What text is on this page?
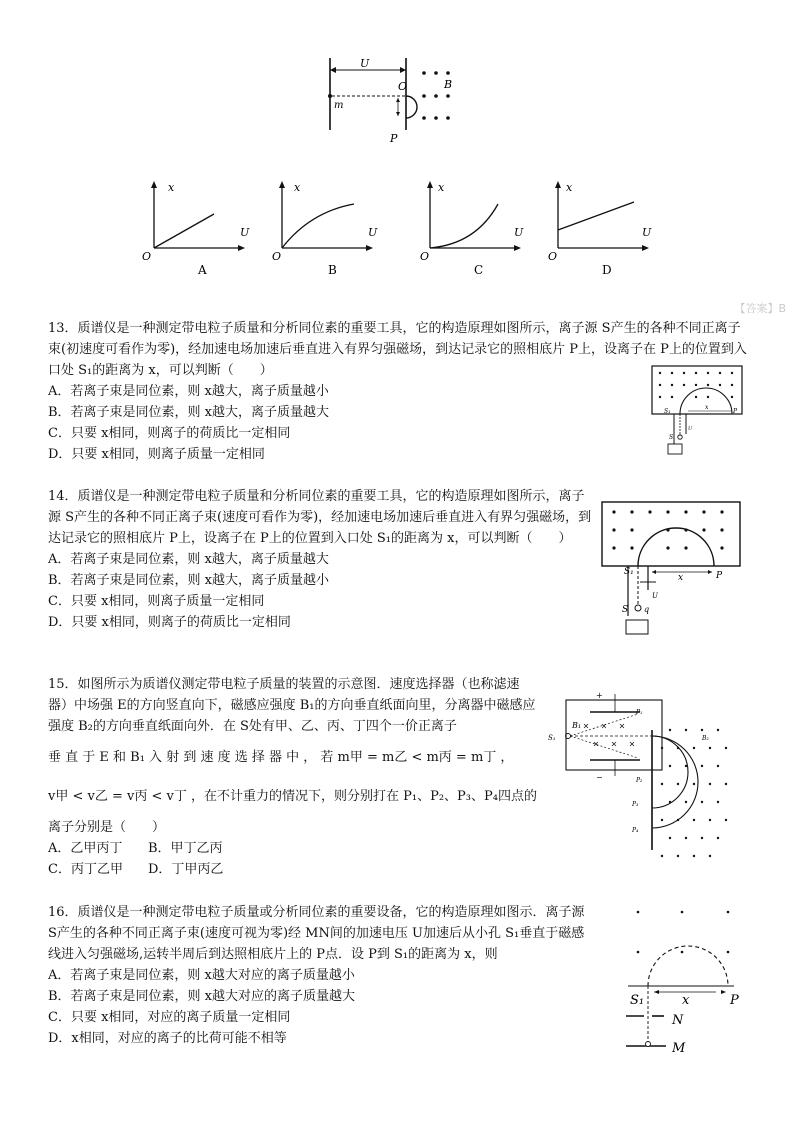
U
m
O
P
B
x
U
O
A
x
U
O
B
x
U
O
C
x
U
O
D
【答案】B

13．质谱仪是一种测定带电粒子质量和分析同位素的重要工具，它的构造原理如图所示，离子源 S产生的各种不同正离子束(初速度可看作为零)，经加速电场加速后垂直进入有界匀强磁场，到达记录它的照相底片 P上，设离子在 P上的位置到入口处 S₁的距离为 x，可以判断（　　）

A．若离子束是同位素，则 x越大，离子质量越小

B．若离子束是同位素，则 x越大，离子质量越大

C．只要 x相同，则离子的荷质比一定相同

D．只要 x相同，则离子质量一定相同

S₁
x
P
U
S

14．质谱仪是一种测定带电粒子质量和分析同位素的重要工具，它的构造原理如图所示，离子源 S产生的各种不同正离子束(速度可看作为零)，经加速电场加速后垂直进入有界匀强磁场，到达记录它的照相底片 P上，设离子在 P上的位置到入口处 S₁的距离为 x，可以判断（　　）

A．若离子束是同位素，则 x越大，离子质量越大

B．若离子束是同位素，则 x越大，离子质量越小

C．只要 x相同，则离子质量一定相同

D．只要 x相同，则离子的荷质比一定相同

S₁
x	P
U
S q

15．如图所示为质谱仪测定带电粒子质量的装置的示意图．速度选择器（也称滤速器）中场强 E的方向竖直向下，磁感应强度 B₁的方向垂直纸面向里，分离器中磁感应强度 B₂的方向垂直纸面向外．在 S处有甲、乙、丙、丁四个一价正离子

垂 直 于 E 和 B₁ 入 射 到 速 度 选 择 器 中 ， 若 m甲 = m乙 < m丙 = m丁 ，

v甲 < v乙 = v丙 < v丁 ，在不计重力的情况下，则分别打在 P₁、P₂、P₃、P₄四点的

离子分别是（　　）

A．乙甲丙丁 B．甲丁乙丙

C．丙丁乙甲 D．丁甲丙乙

+
−
B₁
S₁
P₁
B₂
P₃
P₄
P₂

16．质谱仪是一种测定带电粒子质量或分析同位素的重要设备，它的构造原理如图示．离子源 S产生的各种不同正离子束(速度可视为零)经 MN间的加速电压 U加速后从小孔 S₁垂直于磁感线进入匀强磁场,运转半周后到达照相底片上的 P点．设 P到 S₁的距离为 x，则

A．若离子束是同位素，则 x越大对应的离子质量越小

B．若离子束是同位素，则 x越大对应的离子质量越大

C．只要 x相同，对应的离子质量一定相同

D．x相同，对应的离子的比荷可能不相等

S₁	x	P
N
M
